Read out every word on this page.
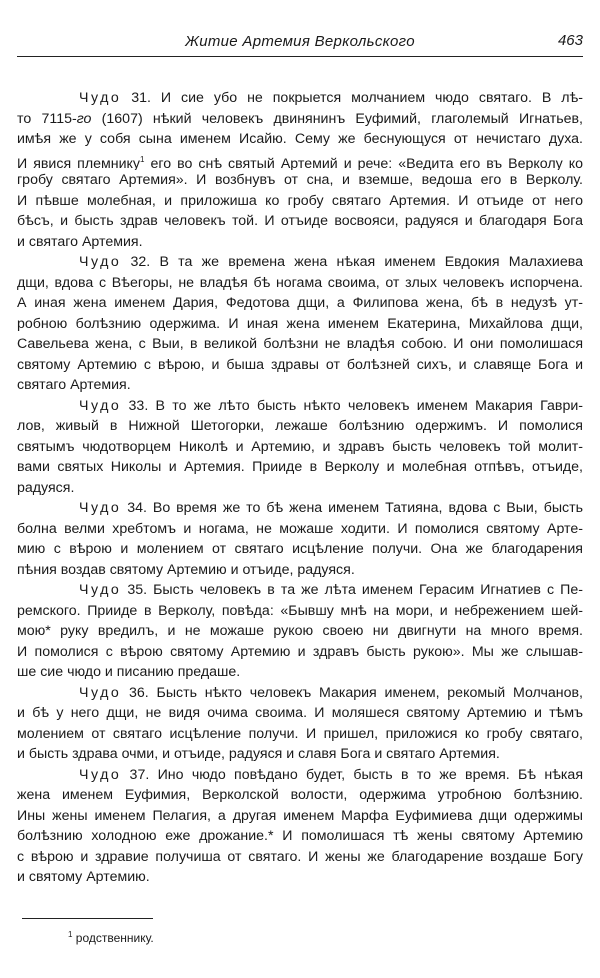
Житие Артемия Веркольского	463
Чудо 31. И сие убо не покрыется молчанием чюдо святаго. В лѣ-
то 7115-го (1607) нѣкий человекъ двинянинъ Еуфимий, глаголемый Игнатьев,
имѣя же у собя сына именем Исайю. Сему же беснующуся от нечистаго духа.
И явися племнику$^1$ его во снѣ святый Артемий и рече: «Ведита его въ Верколу ко
гробу святаго Артемия». И возбнувъ от сна, и вземше, ведоша его в Верколу.
И пѣвше молебная, и приложиша ко гробу святаго Артемия. И отъиде от него
бѣсъ, и бысть здрав человекъ той. И отъиде восвояси, радуяся и благодаря Бога
и святаго Артемия.
Чудо 32. В та же времена жена нѣкая именем Евдокия Малахиева
дщи, вдова с Вѣегоры, не владѣя бѣ ногама своима, от злых человекъ испорчена.
А иная жена именем Дария, Федотова дщи, а Филипова жена, бѣ в недузѣ ут-
робною болѣзнию одержима. И иная жена именем Екатерина, Михайлова дщи,
Савельева жена, с Выи, в великой болѣзни не владѣя собою. И они помолишася
святому Артемию с вѣрою, и быша здравы от болѣзней сихъ, и славяще Бога и
святаго Артемия.
Чудо 33. В то же лѣто бысть нѣкто человекъ именем Макария Гаври-
лов, живый в Нижной Шетогорки, лежаше болѣзнию одержимъ. И помолися
святымъ чюдотворцем Николѣ и Артемию, и здравъ бысть человекъ той молит-
вами святых Николы и Артемия. Прииде в Верколу и молебная отпѣвъ, отъиде,
радуяся.
Чудо 34. Во время же то бѣ жена именем Татияна, вдова с Выи, бысть
болна велми хребтомъ и ногама, не можаше ходити. И помолися святому Арте-
мию с вѣрою и молением от святаго исцѣление получи. Она же благодарения
пѣния воздав святому Артемию и отъиде, радуяся.
Чудо 35. Бысть человекъ в та же лѣта именем Герасим Игнатиев с Пе-
ремского. Прииде в Верколу, повѣда: «Бывшу мнѣ на мори, и небрежением шей-
мою* руку вредилъ, и не можаше рукою своею ни двигнути на много время.
И помолися с вѣрою святому Артемию и здравъ бысть рукою». Мы же слышав-
ше сие чюдо и писанию предаше.
Чудо 36. Бысть нѣкто человекъ Макария именем, рекомый Молчанов,
и бѣ у него дщи, не видя очима своима. И моляшеся святому Артемию и тѣмъ
молением от святаго исцѣление получи. И пришел, приложися ко гробу святаго,
и бысть здрава очми, и отъиде, радуяся и славя Бога и святаго Артемия.
Чудо 37. Ино чюдо повѣдано будет, бысть в то же время. Бѣ нѣкая
жена именем Еуфимия, Верколской волости, одержима утробною болѣзнию.
Ины жены именем Пелагия, а другая именем Марфа Еуфимиева дщи одержимы
болѣзнию холодною еже дрожание.* И помолишася тѣ жены святому Артемию
с вѣрою и здравие получиша от святаго. И жены же благодарение воздаше Богу
и святому Артемию.
$^1$ родственнику.
